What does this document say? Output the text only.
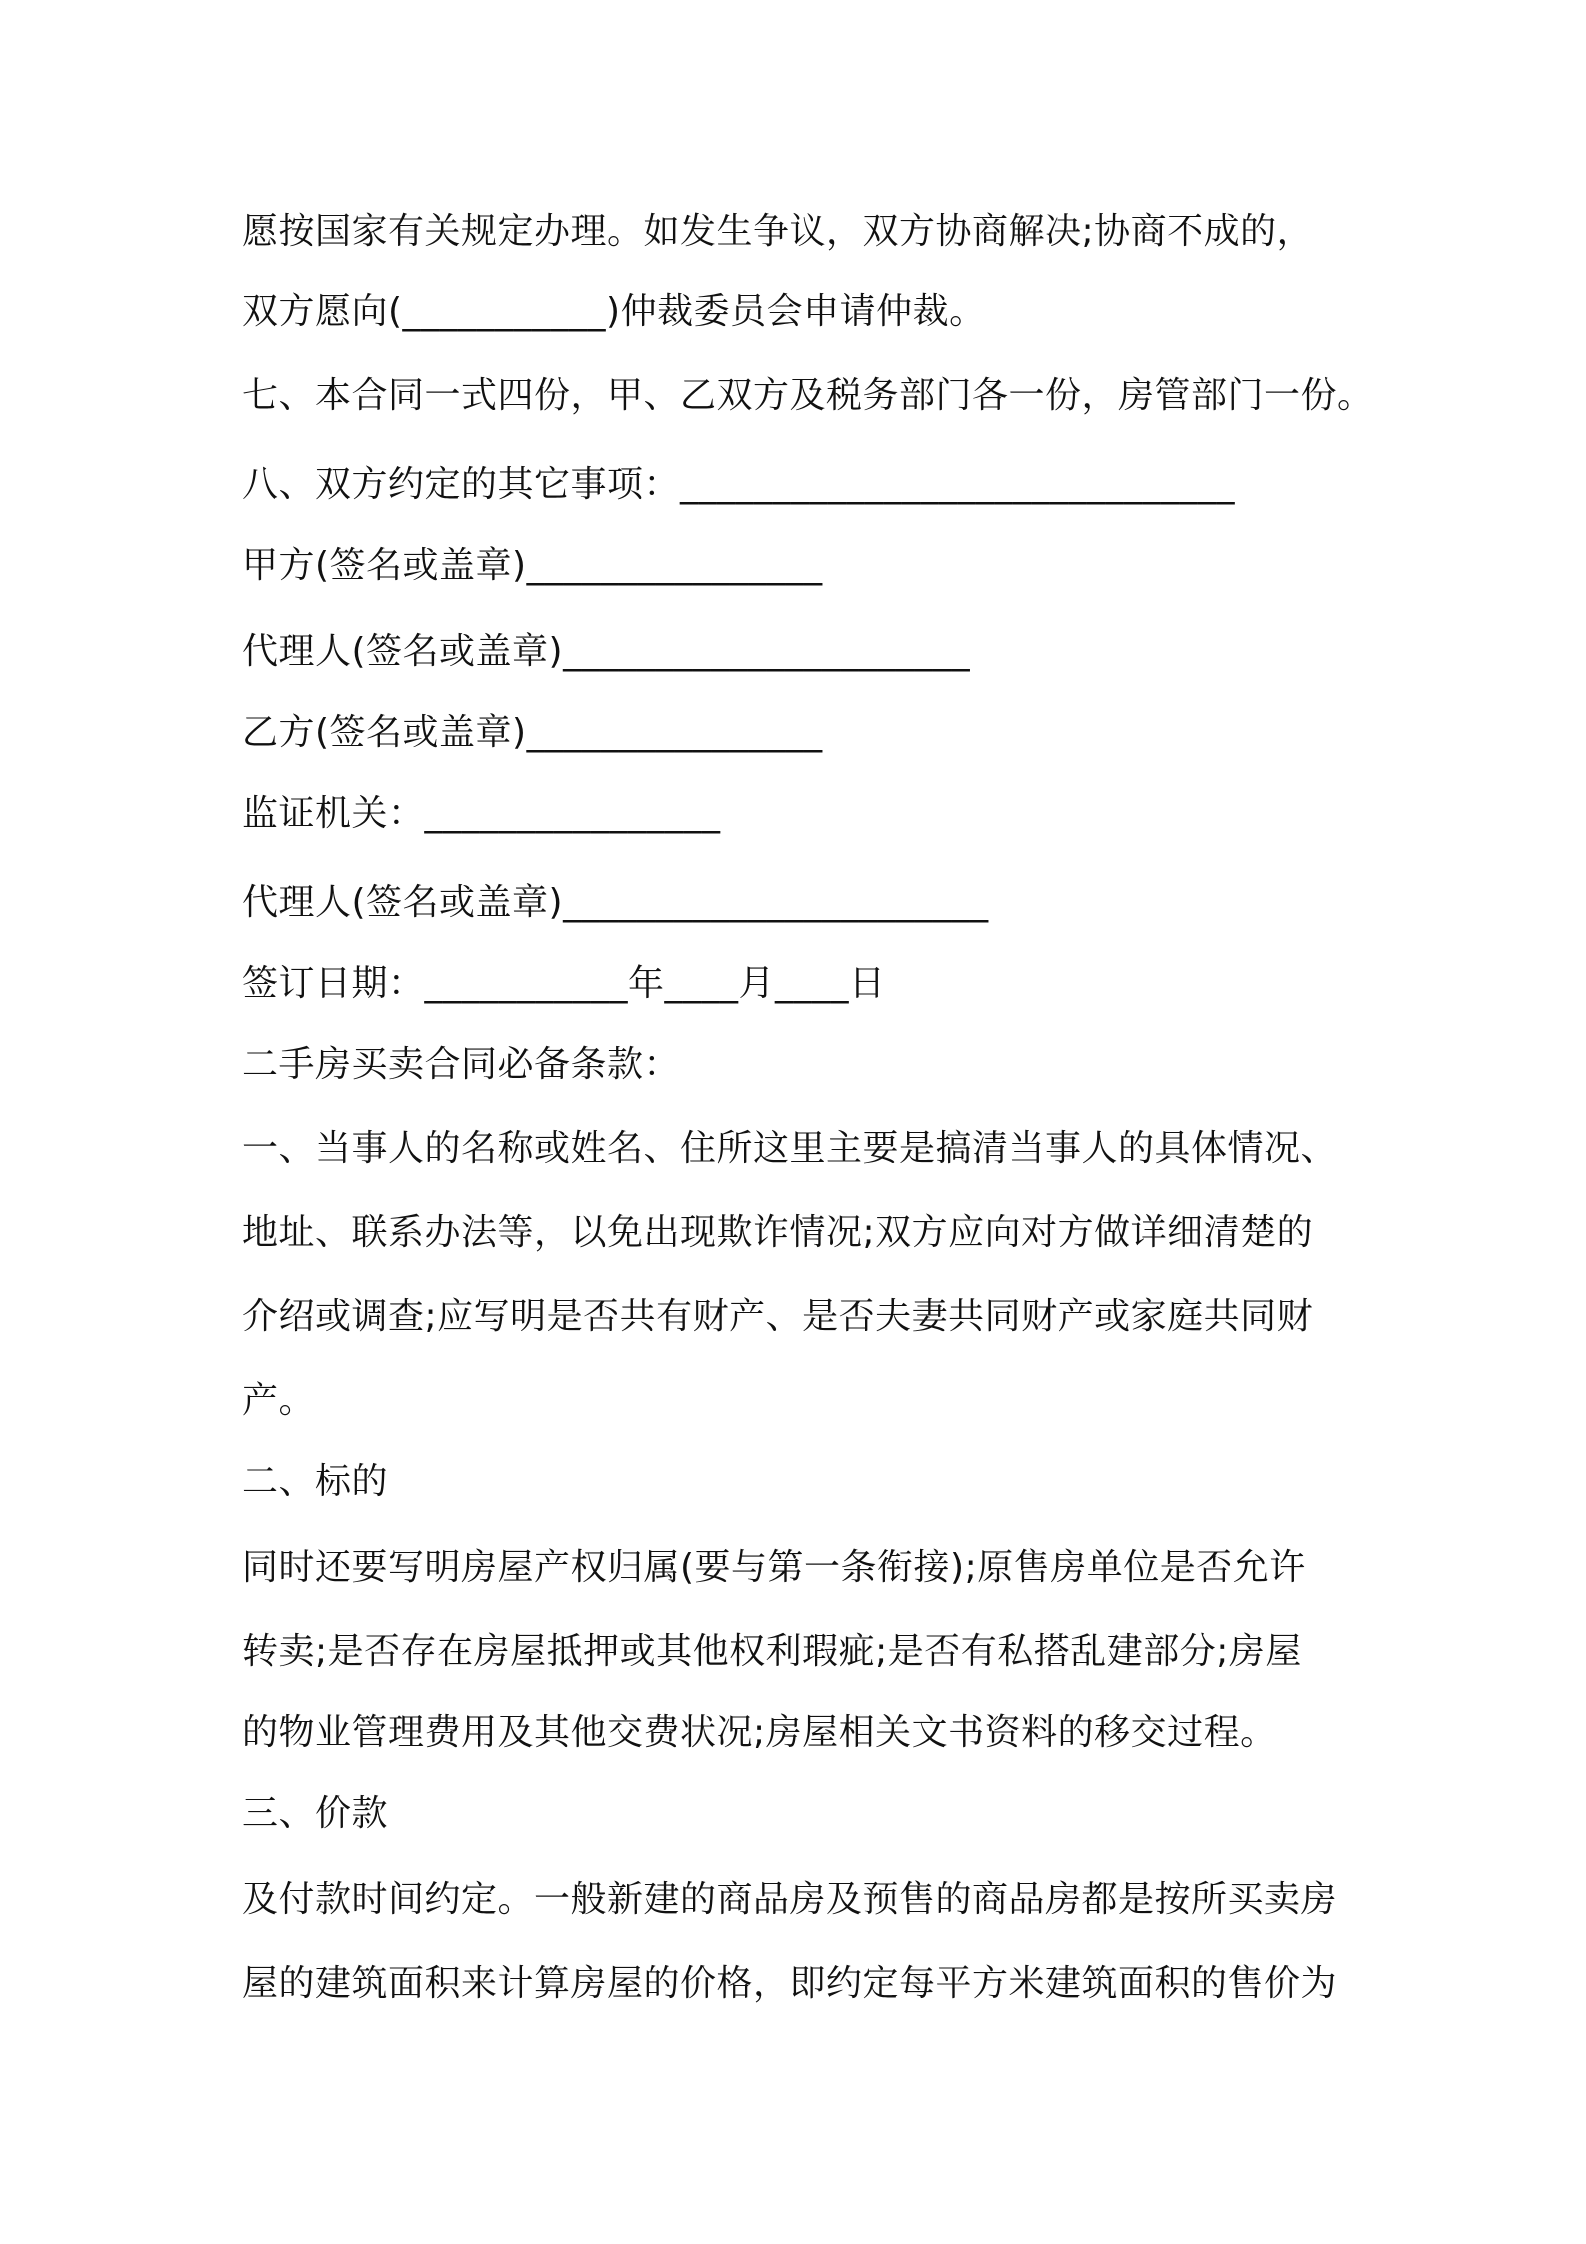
愿按国家有关规定办理。如发生争议，双方协商解决;协商不成的，
双方愿向(___________)仲裁委员会申请仲裁。
七、本合同一式四份，甲、乙双方及税务部门各一份，房管部门一份。
八、双方约定的其它事项：______________________________
甲方(签名或盖章)________________
代理人(签名或盖章)______________________
乙方(签名或盖章)________________
监证机关：________________
代理人(签名或盖章)_______________________
签订日期：___________年____月____日
二手房买卖合同必备条款：
一、当事人的名称或姓名、住所这里主要是搞清当事人的具体情况、
地址、联系办法等，以免出现欺诈情况;双方应向对方做详细清楚的
介绍或调查;应写明是否共有财产、是否夫妻共同财产或家庭共同财
产。
二、标的
同时还要写明房屋产权归属(要与第一条衔接);原售房单位是否允许
转卖;是否存在房屋抵押或其他权利瑕疵;是否有私搭乱建部分;房屋
的物业管理费用及其他交费状况;房屋相关文书资料的移交过程。
三、价款
及付款时间约定。一般新建的商品房及预售的商品房都是按所买卖房
屋的建筑面积来计算房屋的价格，即约定每平方米建筑面积的售价为
